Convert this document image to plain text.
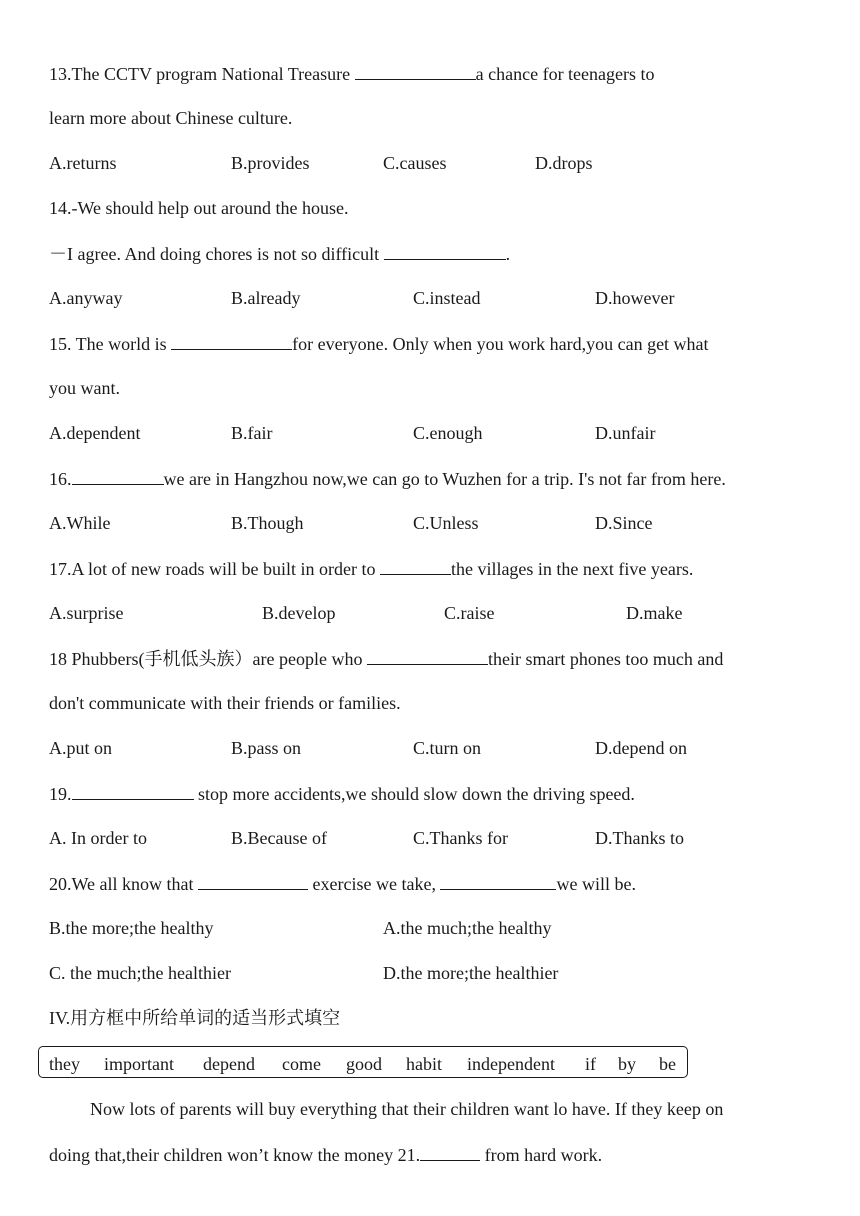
13.The CCTV program National Treasure	a chance for teenagers to
learn more about Chinese culture.
A.returns	B.provides	C.causes	D.drops
14.-We should help out around the house.
－I agree. And doing chores is not so difficult	.
A.anyway	B.already	C.instead	D.however
15. The world is	for everyone. Only when you work hard,you can get what
you want.
A.dependent	B.fair	C.enough	D.unfair
16.	we are in Hangzhou now,we can go to Wuzhen for a trip. I's not far from here.
A.While	B.Though	C.Unless	D.Since
17.A lot of new roads will be built in order to	the villages in the next five years.
A.surprise	B.develop	C.raise	D.make
18 Phubbers(手机低头族）are people who	their smart phones too much and
don't communicate with their friends or families.
A.put on	B.pass on	C.turn on	D.depend on
19.	stop more accidents,we should slow down the driving speed.
A. In order to	B.Because of	C.Thanks for	D.Thanks to
20.We all know that	exercise we take,	we will be.
B.the more;the healthy	A.the much;the healthy
C. the much;the healthier	D.the more;the healthier
IV.用方框中所给单词的适当形式填空
they important depend come good habit independent if by be
Now lots of parents will buy everything that their children want lo have. If they keep on
doing that,their children won’t know the money 21.	from hard work.
